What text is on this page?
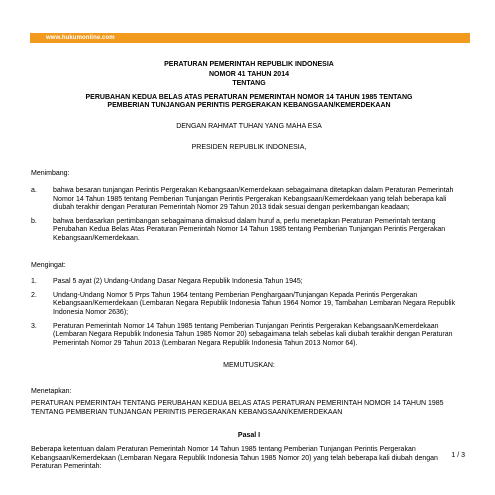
www.hukumonline.com
PERATURAN PEMERINTAH REPUBLIK INDONESIA
NOMOR 41 TAHUN 2014
TENTANG
PERUBAHAN KEDUA BELAS ATAS PERATURAN PEMERINTAH NOMOR 14 TAHUN 1985 TENTANG
PEMBERIAN TUNJANGAN PERINTIS PERGERAKAN KEBANGSAAN/KEMERDEKAAN
DENGAN RAHMAT TUHAN YANG MAHA ESA
PRESIDEN REPUBLIK INDONESIA,
Menimbang:
a.	bahwa besaran tunjangan Perintis Pergerakan Kebangsaan/Kemerdekaan sebagaimana ditetapkan dalam Peraturan Pemerintah Nomor 14 Tahun 1985 tentang Pemberian Tunjangan Perintis Pergerakan Kebangsaan/Kemerdekaan yang telah beberapa kali diubah terakhir dengan Peraturan Pemerintah Nomor 29 Tahun 2013 tidak sesuai dengan perkembangan keadaan;
b.	bahwa berdasarkan pertimbangan sebagaimana dimaksud dalam huruf a, perlu menetapkan Peraturan Pemerintah tentang Perubahan Kedua Belas Atas Peraturan Pemerintah Nomor 14 Tahun 1985 tentang Pemberian Tunjangan Perintis Pergerakan Kebangsaan/Kemerdekaan.
Mengingat:
1.	Pasal 5 ayat (2) Undang-Undang Dasar Negara Republik Indonesia Tahun 1945;
2.	Undang-Undang Nomor 5 Prps Tahun 1964 tentang Pemberian Penghargaan/Tunjangan Kepada Perintis Pergerakan Kebangsaan/Kemerdekaan (Lembaran Negara Republik Indonesia Tahun 1964 Nomor 19, Tambahan Lembaran Negara Republik Indonesia Nomor 2636);
3.	Peraturan Pemerintah Nomor 14 Tahun 1985 tentang Pemberian Tunjangan Perintis Pergerakan Kebangsaan/Kemerdekaan (Lembaran Negara Republik Indonesia Tahun 1985 Nomor 20) sebagaimana telah sebelas kali diubah terakhir dengan Peraturan Pemerintah Nomor 29 Tahun 2013 (Lembaran Negara Republik Indonesia Tahun 2013 Nomor 64).
MEMUTUSKAN:
Menetapkan:
PERATURAN PEMERINTAH TENTANG PERUBAHAN KEDUA BELAS ATAS PERATURAN PEMERINTAH NOMOR 14 TAHUN 1985 TENTANG PEMBERIAN TUNJANGAN PERINTIS PERGERAKAN KEBANGSAAN/KEMERDEKAAN
Pasal I
Beberapa ketentuan dalam Peraturan Pemerintah Nomor 14 Tahun 1985 tentang Pemberian Tunjangan Perintis Pergerakan Kebangsaan/Kemerdekaan (Lembaran Negara Republik Indonesia Tahun 1985 Nomor 20) yang telah beberapa kali diubah dengan Peraturan Pemerintah:
1 / 3
